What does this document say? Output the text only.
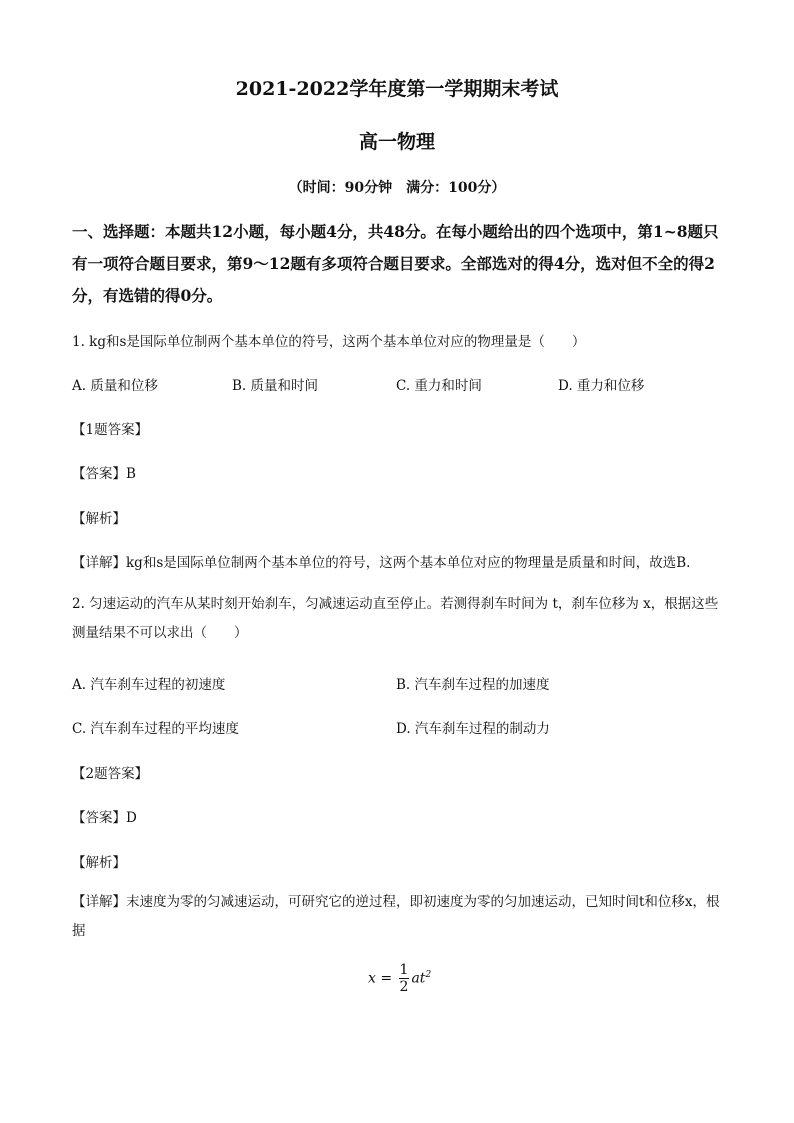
2021-2022学年度第一学期期末考试
高一物理
（时间：90分钟　满分：100分）
一、选择题：本题共12小题，每小题4分，共48分。在每小题给出的四个选项中，第1~8题只有一项符合题目要求，第9～12题有多项符合题目要求。全部选对的得4分，选对但不全的得2分，有选错的得0分。
1. kg和s是国际单位制两个基本单位的符号，这两个基本单位对应的物理量是（　　）
A. 质量和位移	B. 质量和时间	C. 重力和时间	D. 重力和位移
【1题答案】
【答案】B
【解析】
【详解】kg和s是国际单位制两个基本单位的符号，这两个基本单位对应的物理量是质量和时间，故选B.
2. 匀速运动的汽车从某时刻开始刹车，匀减速运动直至停止。若测得刹车时间为 t，刹车位移为 x，根据这些测量结果不可以求出（　　）
A. 汽车刹车过程的初速度	B. 汽车刹车过程的加速度
C. 汽车刹车过程的平均速度	D. 汽车刹车过程的制动力
【2题答案】
【答案】D
【解析】
【详解】末速度为零的匀减速运动，可研究它的逆过程，即初速度为零的匀加速运动，已知时间t和位移x，根据
$x = \frac{1}{2} at^2$
